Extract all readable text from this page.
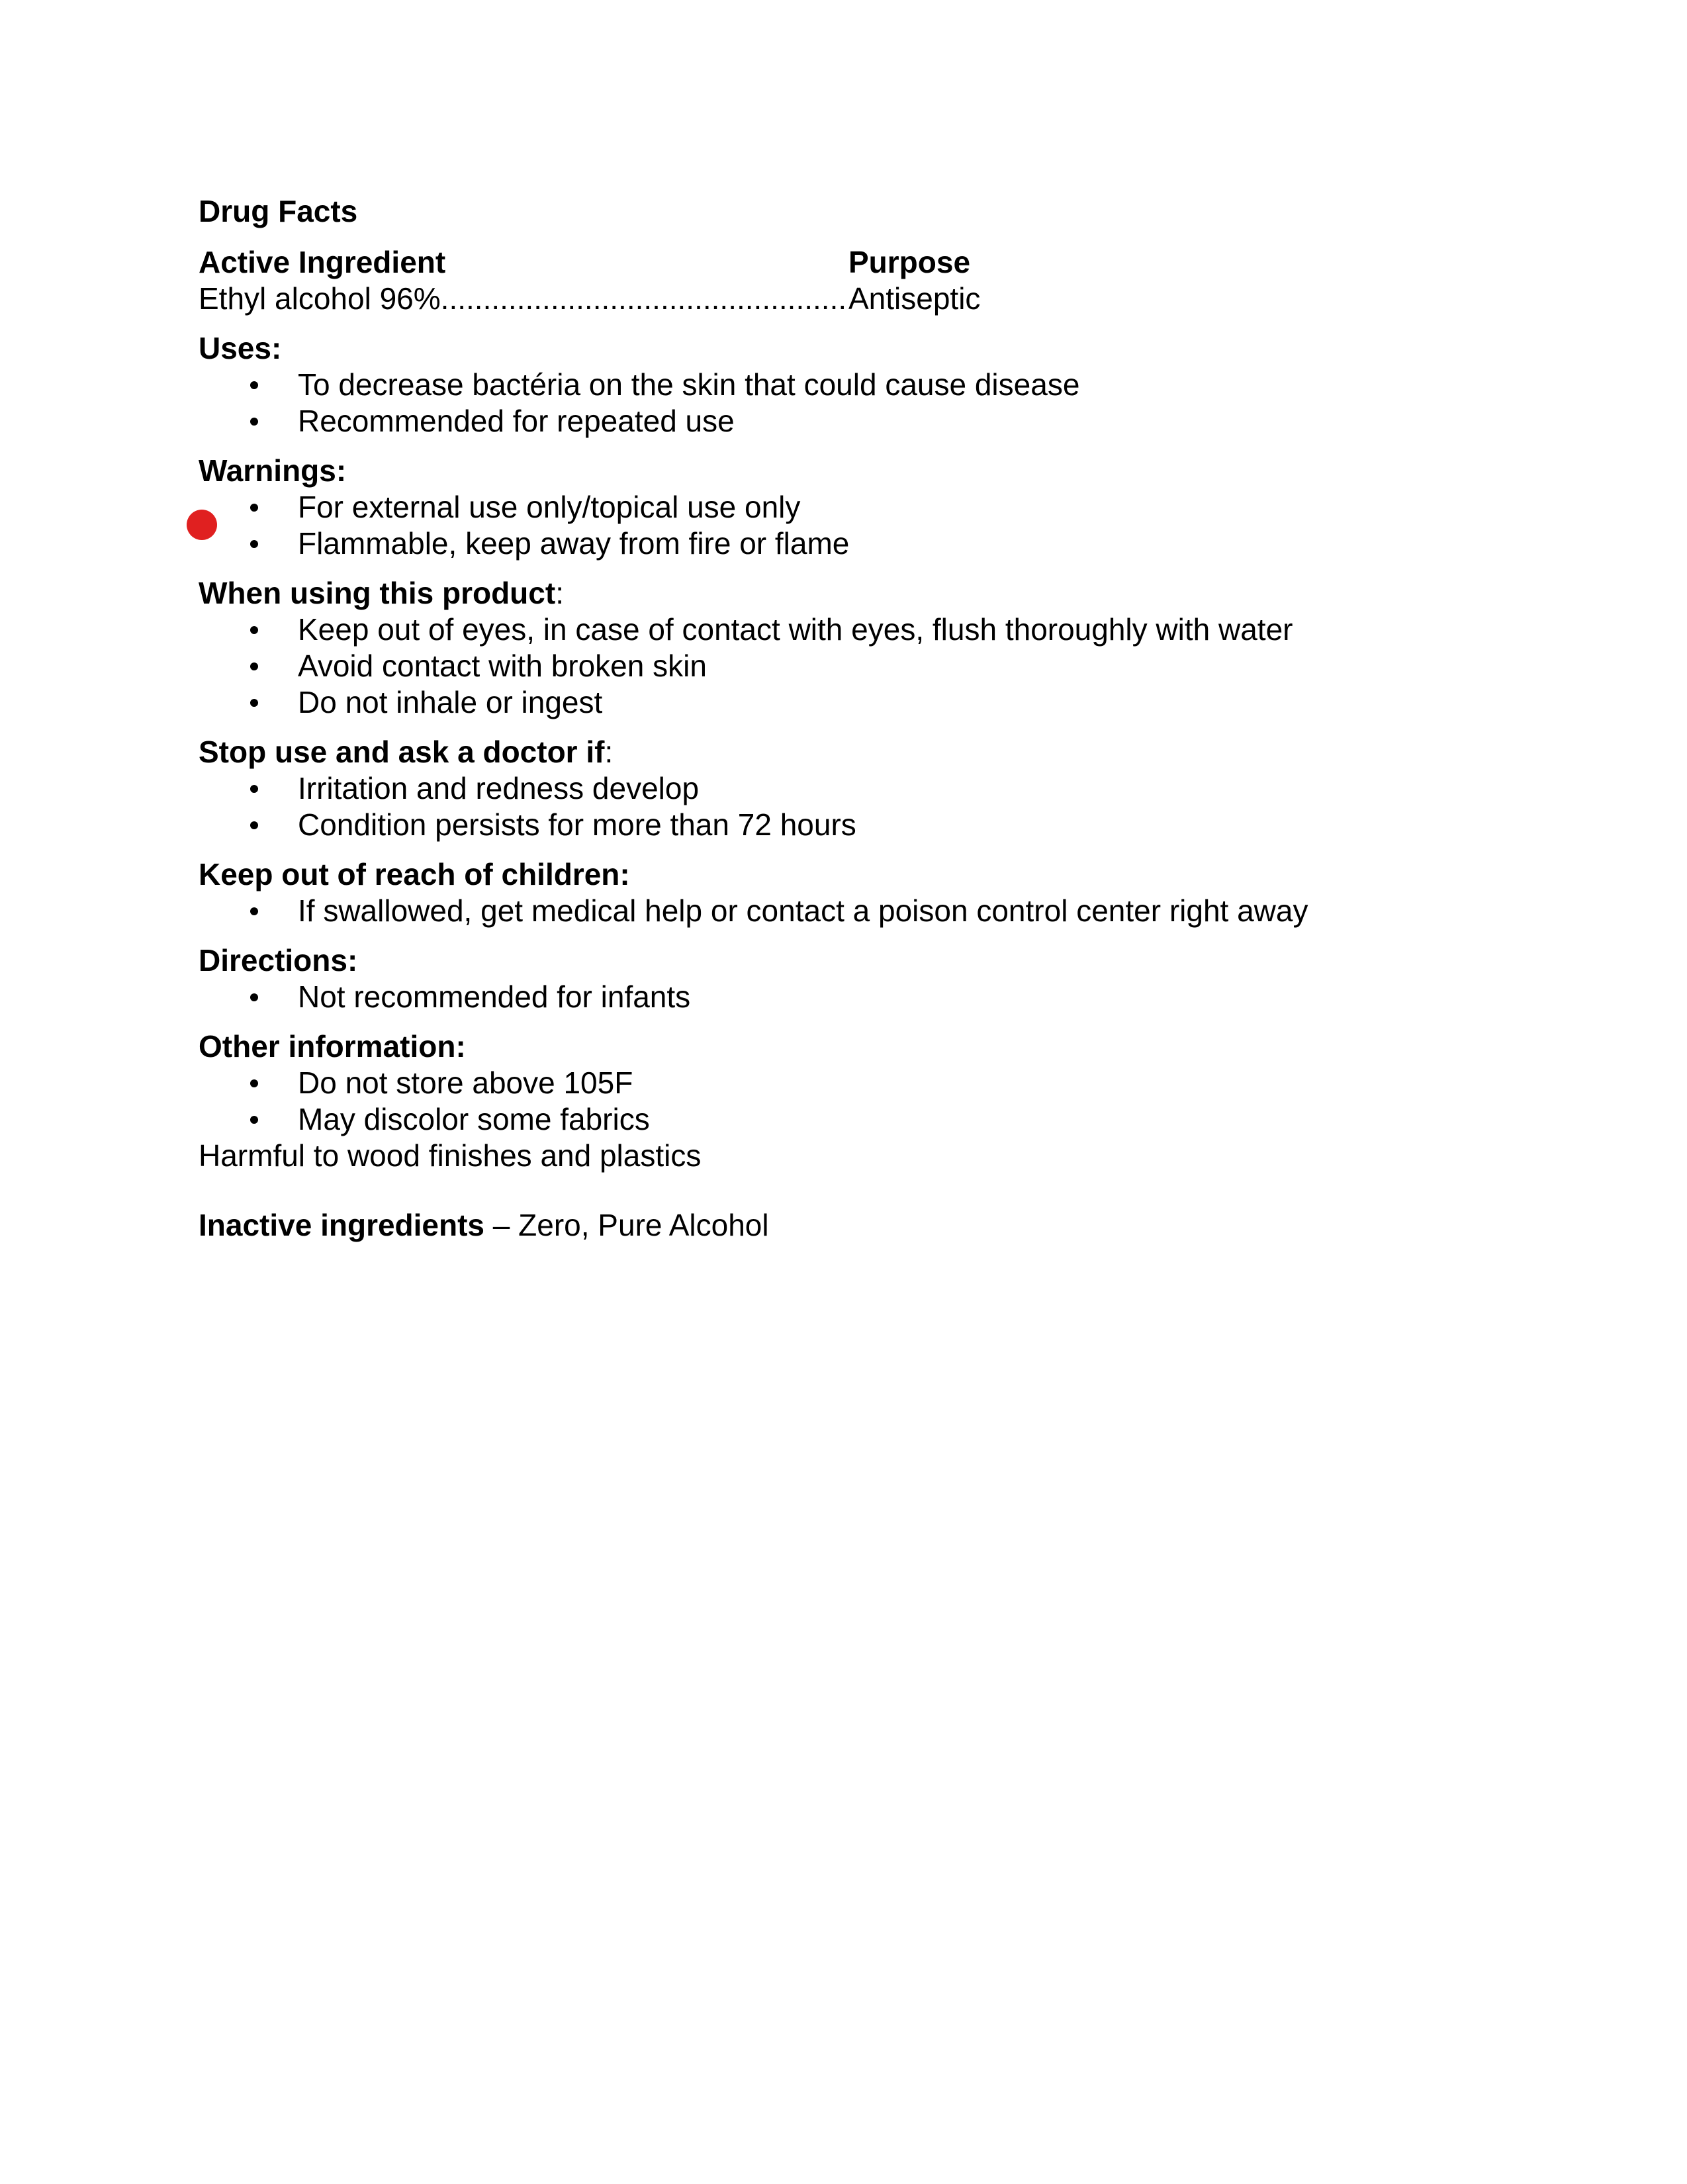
Drug Facts
Active Ingredient	Purpose
Ethyl alcohol 96%................................................ Antiseptic
Uses:
To decrease bactéria on the skin that could cause disease
Recommended for repeated use
Warnings:
For external use only/topical use only
Flammable, keep away from fire or flame
When using this product:
Keep out of eyes, in case of contact with eyes, flush thoroughly with water
Avoid contact with broken skin
Do not inhale or ingest
Stop use and ask a doctor if:
Irritation and redness develop
Condition persists for more than 72 hours
Keep out of reach of children:
If swallowed, get medical help or contact a poison control center right away
Directions:
Not recommended for infants
Other information:
Do not store above 105F
May discolor some fabrics
Harmful to wood finishes and plastics
Inactive ingredients – Zero, Pure Alcohol
